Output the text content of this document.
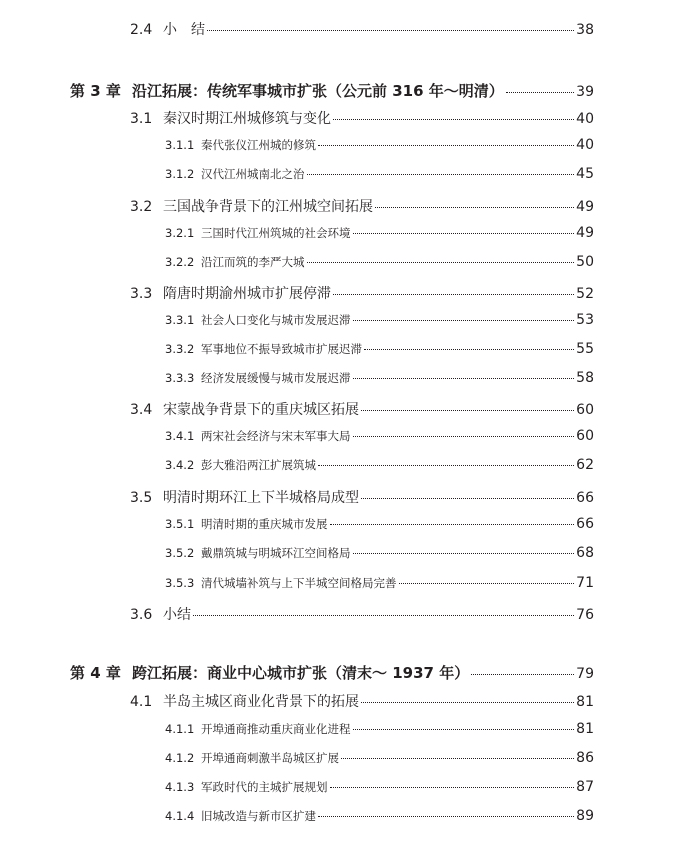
2.4 小　结	38
第 3 章 沿江拓展：传统军事城市扩张（公元前 316 年～明清）	39
3.1 秦汉时期江州城修筑与变化	40
3.1.1 秦代张仪江州城的修筑	40
3.1.2 汉代江州城南北之治	45
3.2 三国战争背景下的江州城空间拓展	49
3.2.1 三国时代江州筑城的社会环境	49
3.2.2 沿江而筑的李严大城	50
3.3 隋唐时期渝州城市扩展停滞	52
3.3.1 社会人口变化与城市发展迟滞	53
3.3.2 军事地位不振导致城市扩展迟滞	55
3.3.3 经济发展缓慢与城市发展迟滞	58
3.4 宋蒙战争背景下的重庆城区拓展	60
3.4.1 两宋社会经济与宋末军事大局	60
3.4.2 彭大雅沿两江扩展筑城	62
3.5 明清时期环江上下半城格局成型	66
3.5.1 明清时期的重庆城市发展	66
3.5.2 戴鼎筑城与明城环江空间格局	68
3.5.3 清代城墙补筑与上下半城空间格局完善	71
3.6 小结	76
第 4 章 跨江拓展：商业中心城市扩张（清末～ 1937 年）	79
4.1 半岛主城区商业化背景下的拓展	81
4.1.1 开埠通商推动重庆商业化进程	81
4.1.2 开埠通商刺激半岛城区扩展	86
4.1.3 军政时代的主城扩展规划	87
4.1.4 旧城改造与新市区扩建	89
